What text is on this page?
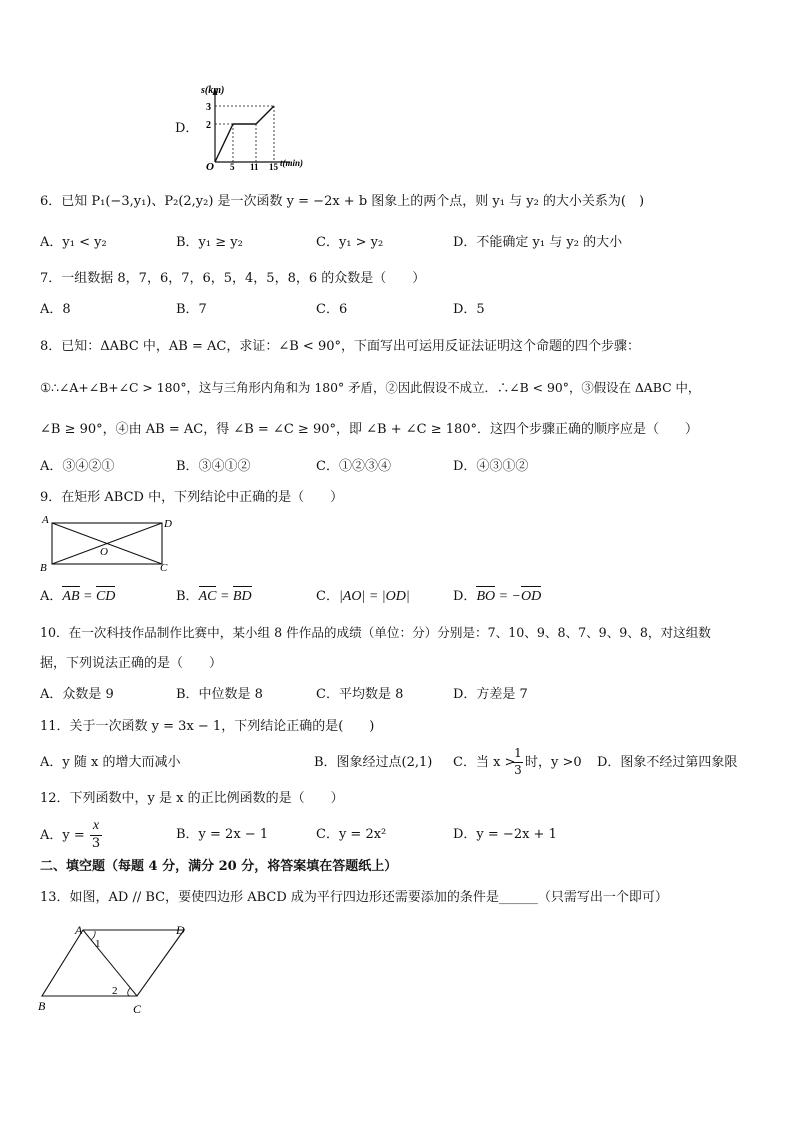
D．
s(km)
3
2
O 5 11 15 t(min)
6．已知 P₁(−3,y₁)、P₂(2,y₂) 是一次函数 y = −2x + b 图象上的两个点，则 y₁ 与 y₂ 的大小关系为(　)
A．y₁ < y₂	B．y₁ ≥ y₂	C．y₁ > y₂	D．不能确定 y₁ 与 y₂ 的大小
7．一组数据 8，7，6，7，6，5，4，5，8，6 的众数是（　　）
A．8	B．7	C．6	D．5
8．已知：ΔABC 中，AB = AC，求证：∠B < 90°，下面写出可运用反证法证明这个命题的四个步骤：
①∴∠A+∠B+∠C > 180°，这与三角形内角和为 180° 矛盾，②因此假设不成立．∴∠B < 90°，③假设在 ΔABC 中，
∠B ≥ 90°，④由 AB = AC，得 ∠B = ∠C ≥ 90°，即 ∠B + ∠C ≥ 180°．这四个步骤正确的顺序应是（　　）
A．③④②①	B．③④①②	C．①②③④	D．④③①②
9．在矩形 ABCD 中，下列结论中正确的是（　　）
A	D
B	C
O
A．AB = CD	B．AC = BD	C．|AO| = |OD|	D．BO = −OD
10．在一次科技作品制作比赛中，某小组 8 件作品的成绩（单位：分）分别是：7、10、9、8、7、9、9、8，对这组数
据，下列说法正确的是（　　）
A．众数是 9	B．中位数是 8	C．平均数是 8	D．方差是 7
11．关于一次函数 y = 3x − 1，下列结论正确的是(　　)
A．y 随 x 的增大而减小	B．图象经过点(2,1) C．当 x >
1
3 时，y >0 D．图象不经过第四象限
12．下列函数中，y 是 x 的正比例函数的是（　　）
A．y =
x
3
B．y = 2x − 1	C．y = 2x²	D．y = −2x + 1
二、填空题（每题 4 分，满分 20 分，将答案填在答题纸上）
13．如图，AD // BC，要使四边形 ABCD 成为平行四边形还需要添加的条件是______（只需写出一个即可）
A	D
B	C
1
2
